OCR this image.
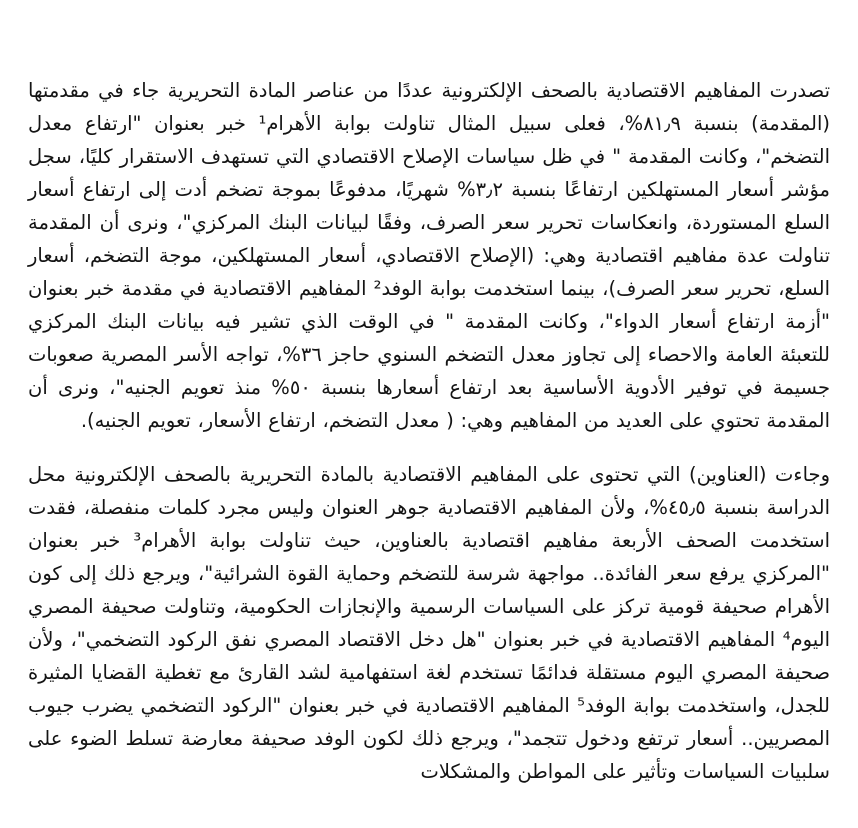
تصدرت المفاهيم الاقتصادية بالصحف الإلكترونية عددًا من عناصر المادة التحريرية جاء في مقدمتها (المقدمة) بنسبة ٨١٫٩%، فعلى سبيل المثال تناولت بوابة الأهرام¹ خبر بعنوان "ارتفاع معدل التضخم"، وكانت المقدمة " في ظل سياسات الإصلاح الاقتصادي التي تستهدف الاستقرار كليًا، سجل مؤشر أسعار المستهلكين ارتفاعًا بنسبة ٣٫٢% شهريًا، مدفوعًا بموجة تضخم أدت إلى ارتفاع أسعار السلع المستوردة، وانعكاسات تحرير سعر الصرف، وفقًا لبيانات البنك المركزي"، ونرى أن المقدمة تناولت عدة مفاهيم اقتصادية وهي: (الإصلاح الاقتصادي، أسعار المستهلكين، موجة التضخم، أسعار السلع، تحرير سعر الصرف)، بينما استخدمت بوابة الوفد² المفاهيم الاقتصادية في مقدمة خبر بعنوان "أزمة ارتفاع أسعار الدواء"، وكانت المقدمة " في الوقت الذي تشير فيه بيانات البنك المركزي للتعبئة العامة والاحصاء إلى تجاوز معدل التضخم السنوي حاجز ٣٦%، تواجه الأسر المصرية صعوبات جسيمة في توفير الأدوية الأساسية بعد ارتفاع أسعارها بنسبة ٥٠% منذ تعويم الجنيه"، ونرى أن المقدمة تحتوي على العديد من المفاهيم وهي: ( معدل التضخم، ارتفاع الأسعار، تعويم الجنيه).

وجاءت (العناوين) التي تحتوى على المفاهيم الاقتصادية بالمادة التحريرية بالصحف الإلكترونية محل الدراسة بنسبة ٤٥٫٥%، ولأن المفاهيم الاقتصادية جوهر العنوان وليس مجرد كلمات منفصلة، فقدت استخدمت الصحف الأربعة مفاهيم اقتصادية بالعناوين، حيث تناولت بوابة الأهرام³ خبر بعنوان "المركزي يرفع سعر الفائدة.. مواجهة شرسة للتضخم وحماية القوة الشرائية"، ويرجع ذلك إلى كون الأهرام صحيفة قومية تركز على السياسات الرسمية والإنجازات الحكومية، وتناولت صحيفة المصري اليوم⁴ المفاهيم الاقتصادية في خبر بعنوان "هل دخل الاقتصاد المصري نفق الركود التضخمي"، ولأن صحيفة المصري اليوم مستقلة فدائمًا تستخدم لغة استفهامية لشد القارئ مع تغطية القضايا المثيرة للجدل، واستخدمت بوابة الوفد⁵ المفاهيم الاقتصادية في خبر بعنوان "الركود التضخمي يضرب جيوب المصريين.. أسعار ترتفع ودخول تتجمد"، ويرجع ذلك لكون الوفد صحيفة معارضة تسلط الضوء على سلبيات السياسات وتأثير على المواطن والمشكلات
